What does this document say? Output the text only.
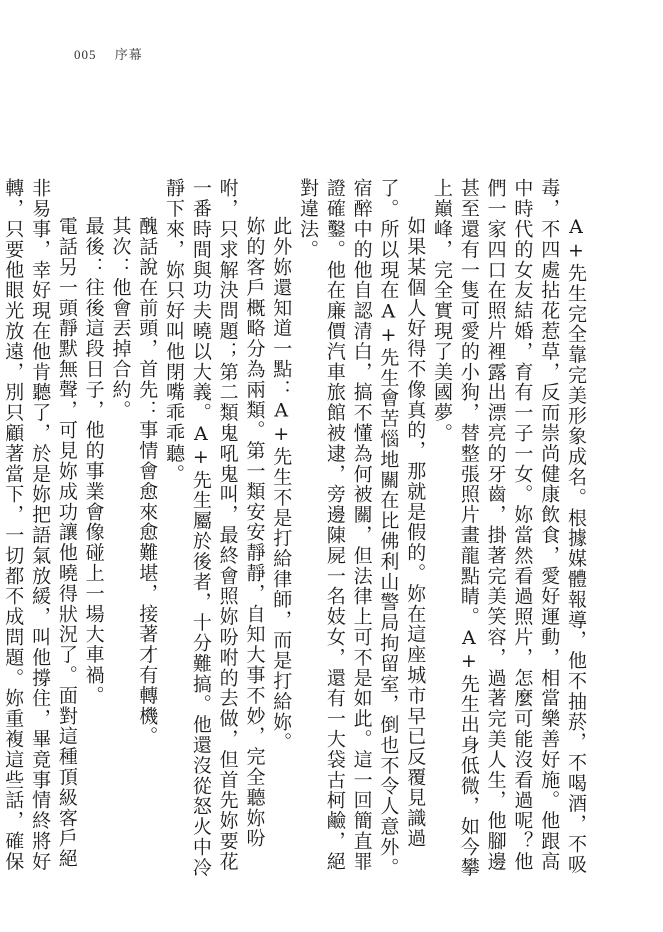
005 序幕

A+先生完全靠完美形象成名。根據媒體報導，他不抽菸，不喝酒，不吸毒，不四處拈花惹草，反而崇尚健康飲食，愛好運動，相當樂善好施。他跟高中時代的女友結婚，育有一子一女。妳當然看過照片，怎麼可能沒看過呢？他們一家四口在照片裡露出漂亮的牙齒，掛著完美笑容，過著完美人生，他腳邊甚至還有一隻可愛的小狗，替整張照片畫龍點睛。A+先生出身低微，如今攀上巔峰，完全實現了美國夢。

如果某個人好得不像真的，那就是假的。妳在這座城市早已反覆見識過了。所以現在A+先生會苦惱地關在比佛利山警局拘留室，倒也不令人意外。宿醉中的他自認清白，搞不懂為何被關，但法律上可不是如此。這一回簡直罪證確鑿。他在廉價汽車旅館被逮，旁邊陳屍一名妓女，還有一大袋古柯鹼，絕對違法。

此外妳還知道一點：A+先生不是打給律師，而是打給妳。

妳的客戶概略分為兩類。第一類安安靜靜，自知大事不妙，完全聽妳吩咐，只求解決問題；第二類鬼吼鬼叫，最終會照妳吩咐的去做，但首先妳要花一番時間與功夫曉以大義。A+先生屬於後者，十分難搞。他還沒從怒火中冷靜下來，妳只好叫他閉嘴乖乖聽。

醜話說在前頭，首先：事情會愈來愈難堪，接著才有轉機。

其次：他會丟掉合約。

最後：往後這段日子，他的事業會像碰上一場大車禍。

電話另一頭靜默無聲，可見妳成功讓他曉得狀況了。面對這種頂級客戶絕非易事，幸好現在他肯聽了，於是妳把語氣放緩，叫他撐住，畢竟事情終將好轉，只要他眼光放遠，別只顧著當下，一切都不成問題。妳重複這些話，確保
